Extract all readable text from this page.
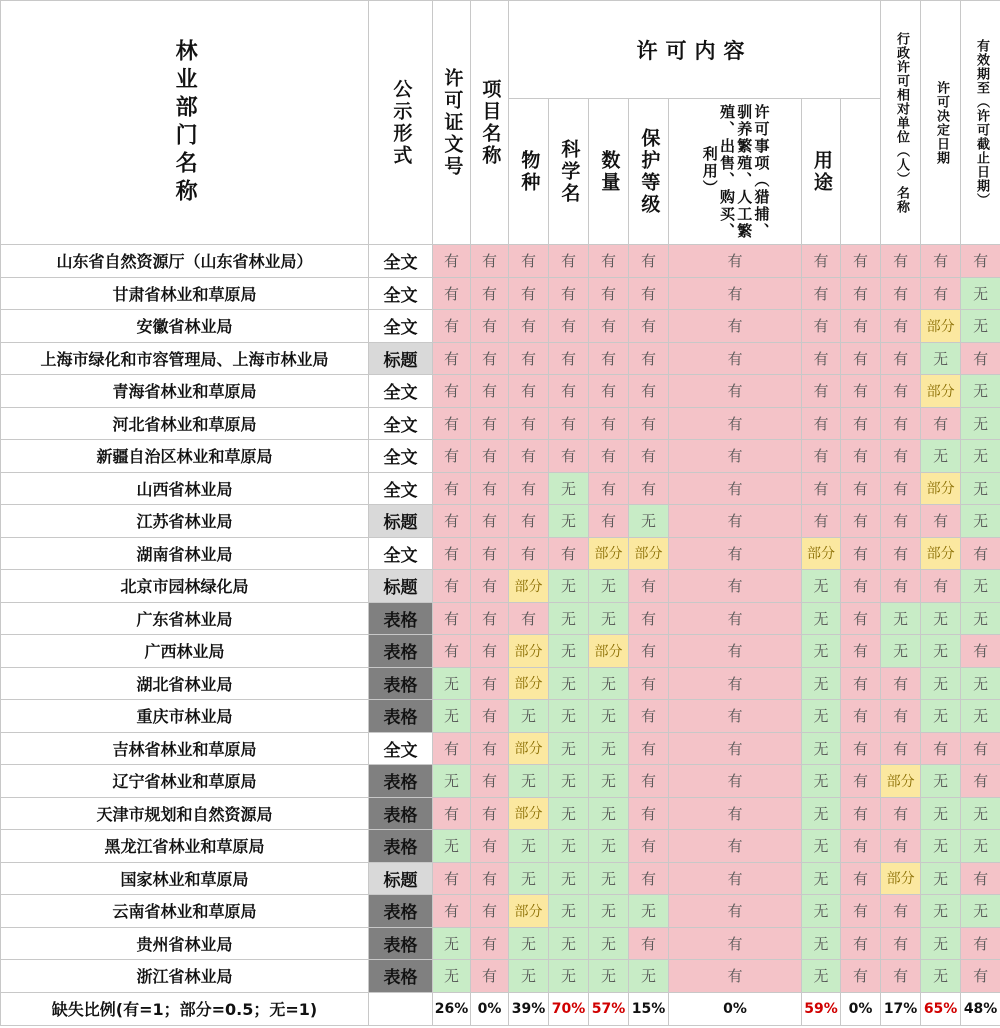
林业部门名称	公示形式	许可证文号	项目名称	许可内容							行政许可相对单位（人）名称	许可决定日期	有效期至（许可截止日期）

				物种	科学名	数量	保护等级	许可事项（猎捕、驯养繁殖、人工繁殖、出售、购买、利用）	用途					

山东省自然资源厅（山东省林业局）	全文	有	有	有	有	有	有	有	有	有	有	有	有	
甘肃省林业和草原局	全文	有	有	有	有	有	有	有	有	有	有	有	无	
安徽省林业局	全文	有	有	有	有	有	有	有	有	有	有	部分	无	
上海市绿化和市容管理局、上海市林业局	标题	有	有	有	有	有	有	有	有	有	有	无	有	
青海省林业和草原局	全文	有	有	有	有	有	有	有	有	有	有	部分	无	
河北省林业和草原局	全文	有	有	有	有	有	有	有	有	有	有	有	无	
新疆自治区林业和草原局	全文	有	有	有	有	有	有	有	有	有	有	无	无	
山西省林业局	全文	有	有	有	无	有	有	有	有	有	有	部分	无	
江苏省林业局	标题	有	有	有	无	有	无	有	有	有	有	有	无	
湖南省林业局	全文	有	有	有	有	部分	部分	有	部分	有	有	部分	有	
北京市园林绿化局	标题	有	有	部分	无	无	有	有	无	有	有	有	无	
广东省林业局	表格	有	有	有	无	无	有	有	无	有	无	无	无	
广西林业局	表格	有	有	部分	无	部分	有	有	无	有	无	无	有	
湖北省林业局	表格	无	有	部分	无	无	有	有	无	有	有	无	无	
重庆市林业局	表格	无	有	无	无	无	有	有	无	有	有	无	无	
吉林省林业和草原局	全文	有	有	部分	无	无	有	有	无	有	有	有	有	
辽宁省林业和草原局	表格	无	有	无	无	无	有	有	无	有	部分	无	有	
天津市规划和自然资源局	表格	有	有	部分	无	无	有	有	无	有	有	无	无	
黑龙江省林业和草原局	表格	无	有	无	无	无	有	有	无	有	有	无	无	
国家林业和草原局	标题	有	有	无	无	无	有	有	无	有	部分	无	有	
云南省林业和草原局	表格	有	有	部分	无	无	无	有	无	有	有	无	无	
贵州省林业局	表格	无	有	无	无	无	有	有	无	有	有	无	有	
浙江省林业局	表格	无	有	无	无	无	无	有	无	有	有	无	有	
缺失比例(有=1；部分=0.5；无=1)		26%	0%	39%	70%	57%	15%	0%	59%	0%	17%	65%	48%	
